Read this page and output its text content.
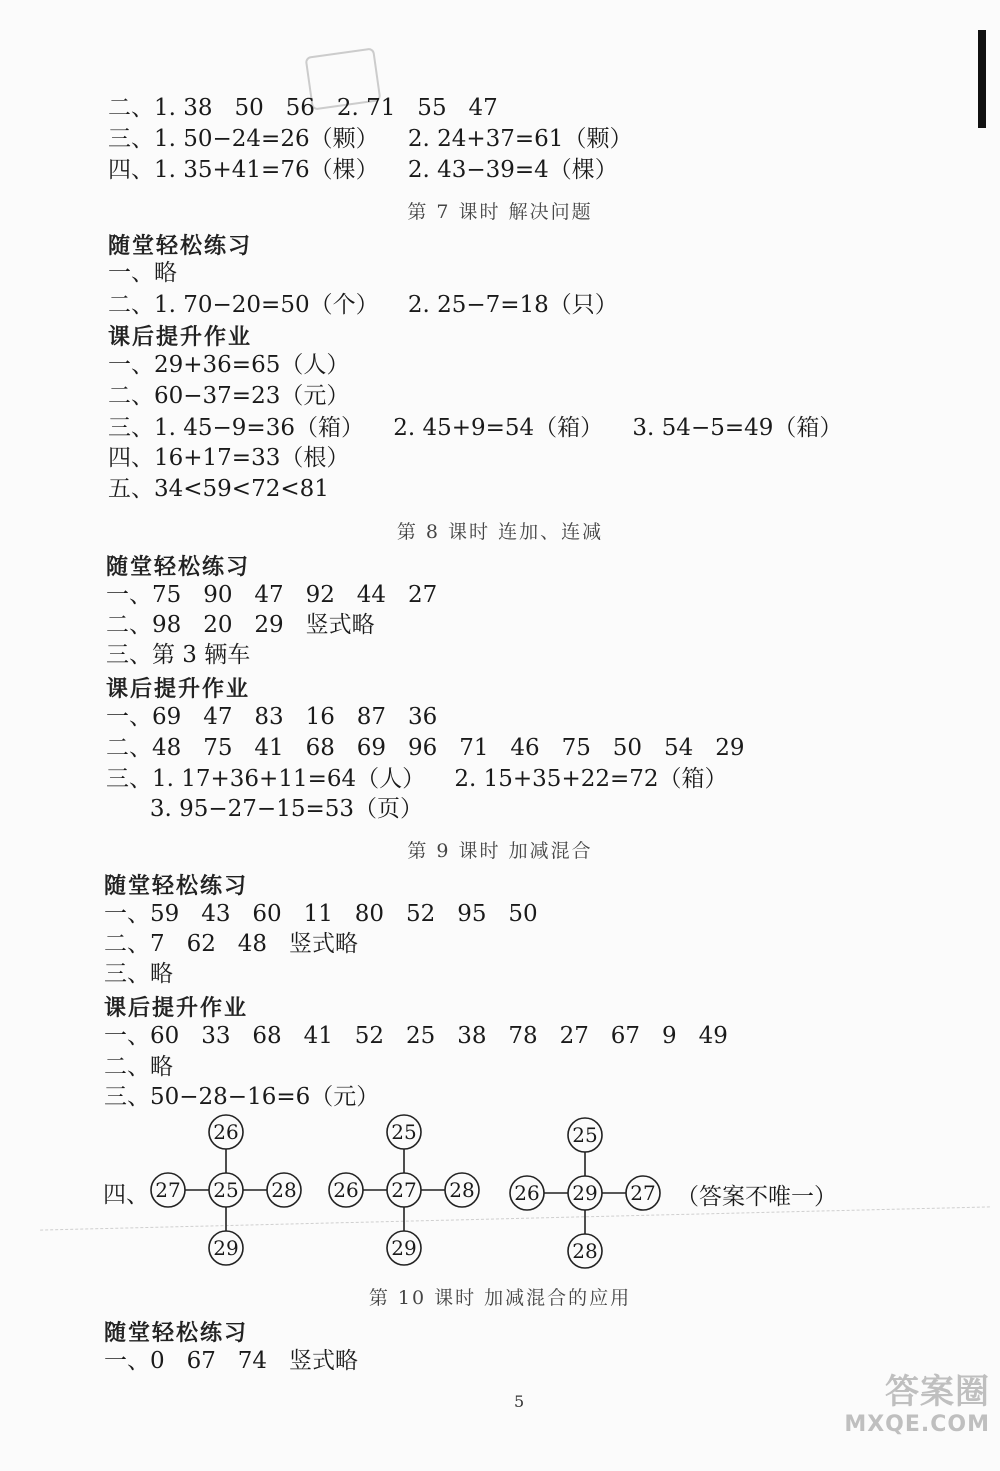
二、1. 38   50   56   2. 71   55   47
三、1. 50−24=26（颗）    2. 24+37=61（颗）
四、1. 35+41=76（棵）    2. 43−39=4（棵）
第 7 课时 解决问题
随堂轻松练习
一、略
二、1. 70−20=50（个）    2. 25−7=18（只）
课后提升作业
一、29+36=65（人）
二、60−37=23（元）
三、1. 45−9=36（箱）    2. 45+9=54（箱）    3. 54−5=49（箱）
四、16+17=33（根）
五、34<59<72<81
第 8 课时 连加、连减
随堂轻松练习
一、75   90   47   92   44   27
二、98   20   29   竖式略
三、第 3 辆车
课后提升作业
一、69   47   83   16   87   36
二、48   75   41   68   69   96   71   46   75   50   54   29
三、1. 17+36+11=64（人）    2. 15+35+22=72（箱）
3. 95−27−15=53（页）
第 9 课时 加减混合
随堂轻松练习
一、59   43   60   11   80   52   95   50
二、7   62   48   竖式略
三、略
课后提升作业
一、60   33   68   41   52   25   38   78   27   67   9   49
二、略
三、50−28−16=6（元）
四、
26
27 25 28
29
25
26 27 28
29
25
26 29 27
28
（答案不唯一）
第 10 课时 加减混合的应用
随堂轻松练习
一、0   67   74   竖式略
5	答案圈
MXQE.COM
